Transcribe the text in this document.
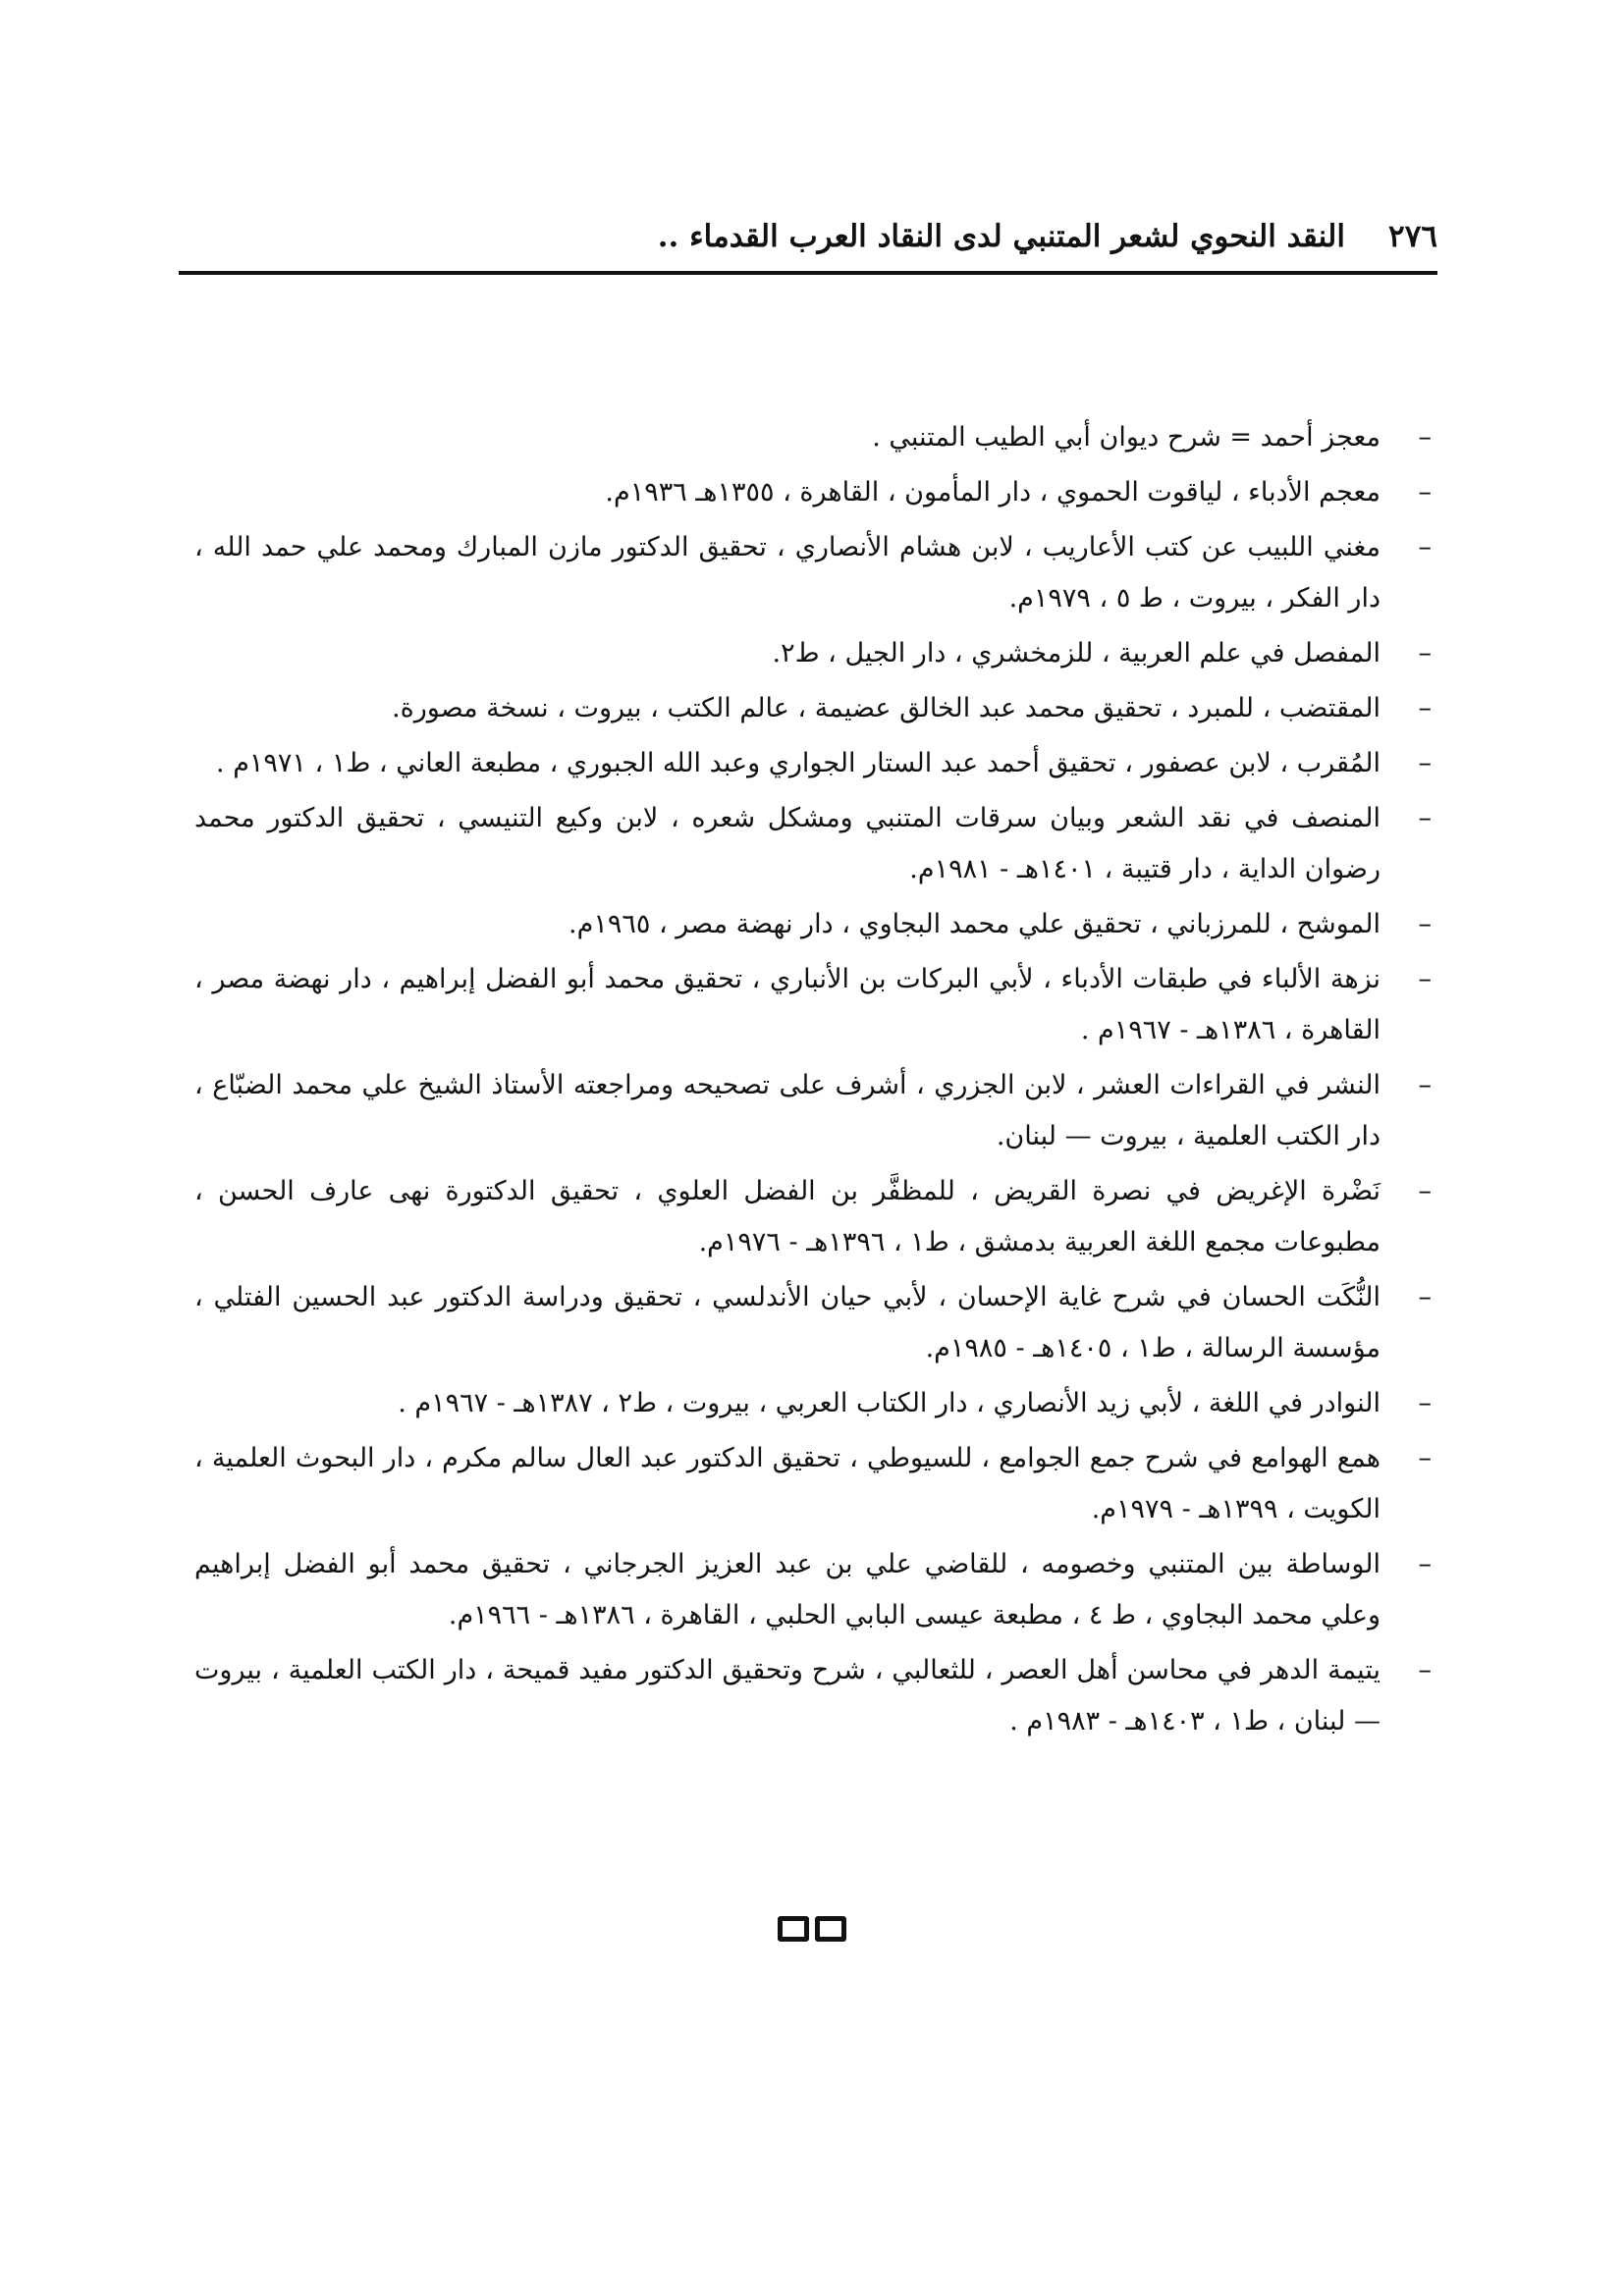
٢٧٦
النقد النحوي لشعر المتنبي لدى النقاد العرب القدماء ..
– معجز أحمد = شرح ديوان أبي الطيب المتنبي .
– معجم الأدباء ، لياقوت الحموي ، دار المأمون ، القاهرة ، ١٣٥٥هـ ١٩٣٦م.
– مغني اللبيب عن كتب الأعاريب ، لابن هشام الأنصاري ، تحقيق الدكتور مازن المبارك ومحمد علي حمد الله ، دار الفكر ، بيروت ، ط ٥ ، ١٩٧٩م.
– المفصل في علم العربية ، للزمخشري ، دار الجيل ، ط٢.
– المقتضب ، للمبرد ، تحقيق محمد عبد الخالق عضيمة ، عالم الكتب ، بيروت ، نسخة مصورة.
– المُقرب ، لابن عصفور ، تحقيق أحمد عبد الستار الجواري وعبد الله الجبوري ، مطبعة العاني ، ط١ ، ١٩٧١م .
– المنصف في نقد الشعر وبيان سرقات المتنبي ومشكل شعره ، لابن وكيع التنيسي ، تحقيق الدكتور محمد رضوان الداية ، دار قتيبة ، ١٤٠١هـ - ١٩٨١م.
– الموشح ، للمرزباني ، تحقيق علي محمد البجاوي ، دار نهضة مصر ، ١٩٦٥م.
– نزهة الألباء في طبقات الأدباء ، لأبي البركات بن الأنباري ، تحقيق محمد أبو الفضل إبراهيم ، دار نهضة مصر ، القاهرة ، ١٣٨٦هـ - ١٩٦٧م .
– النشر في القراءات العشر ، لابن الجزري ، أشرف على تصحيحه ومراجعته الأستاذ الشيخ علي محمد الضبّاع ، دار الكتب العلمية ، بيروت — لبنان.
– نَضْرة الإغريض في نصرة القريض ، للمظفَّر بن الفضل العلوي ، تحقيق الدكتورة نهى عارف الحسن ، مطبوعات مجمع اللغة العربية بدمشق ، ط١ ، ١٣٩٦هـ - ١٩٧٦م.
– النُّكَت الحسان في شرح غاية الإحسان ، لأبي حيان الأندلسي ، تحقيق ودراسة الدكتور عبد الحسين الفتلي ، مؤسسة الرسالة ، ط١ ، ١٤٠٥هـ - ١٩٨٥م.
– النوادر في اللغة ، لأبي زيد الأنصاري ، دار الكتاب العربي ، بيروت ، ط٢ ، ١٣٨٧هـ - ١٩٦٧م .
– همع الهوامع في شرح جمع الجوامع ، للسيوطي ، تحقيق الدكتور عبد العال سالم مكرم ، دار البحوث العلمية ، الكويت ، ١٣٩٩هـ - ١٩٧٩م.
– الوساطة بين المتنبي وخصومه ، للقاضي علي بن عبد العزيز الجرجاني ، تحقيق محمد أبو الفضل إبراهيم وعلي محمد البجاوي ، ط ٤ ، مطبعة عيسى البابي الحلبي ، القاهرة ، ١٣٨٦هـ - ١٩٦٦م.
– يتيمة الدهر في محاسن أهل العصر ، للثعالبي ، شرح وتحقيق الدكتور مفيد قميحة ، دار الكتب العلمية ، بيروت — لبنان ، ط١ ، ١٤٠٣هـ - ١٩٨٣م .
